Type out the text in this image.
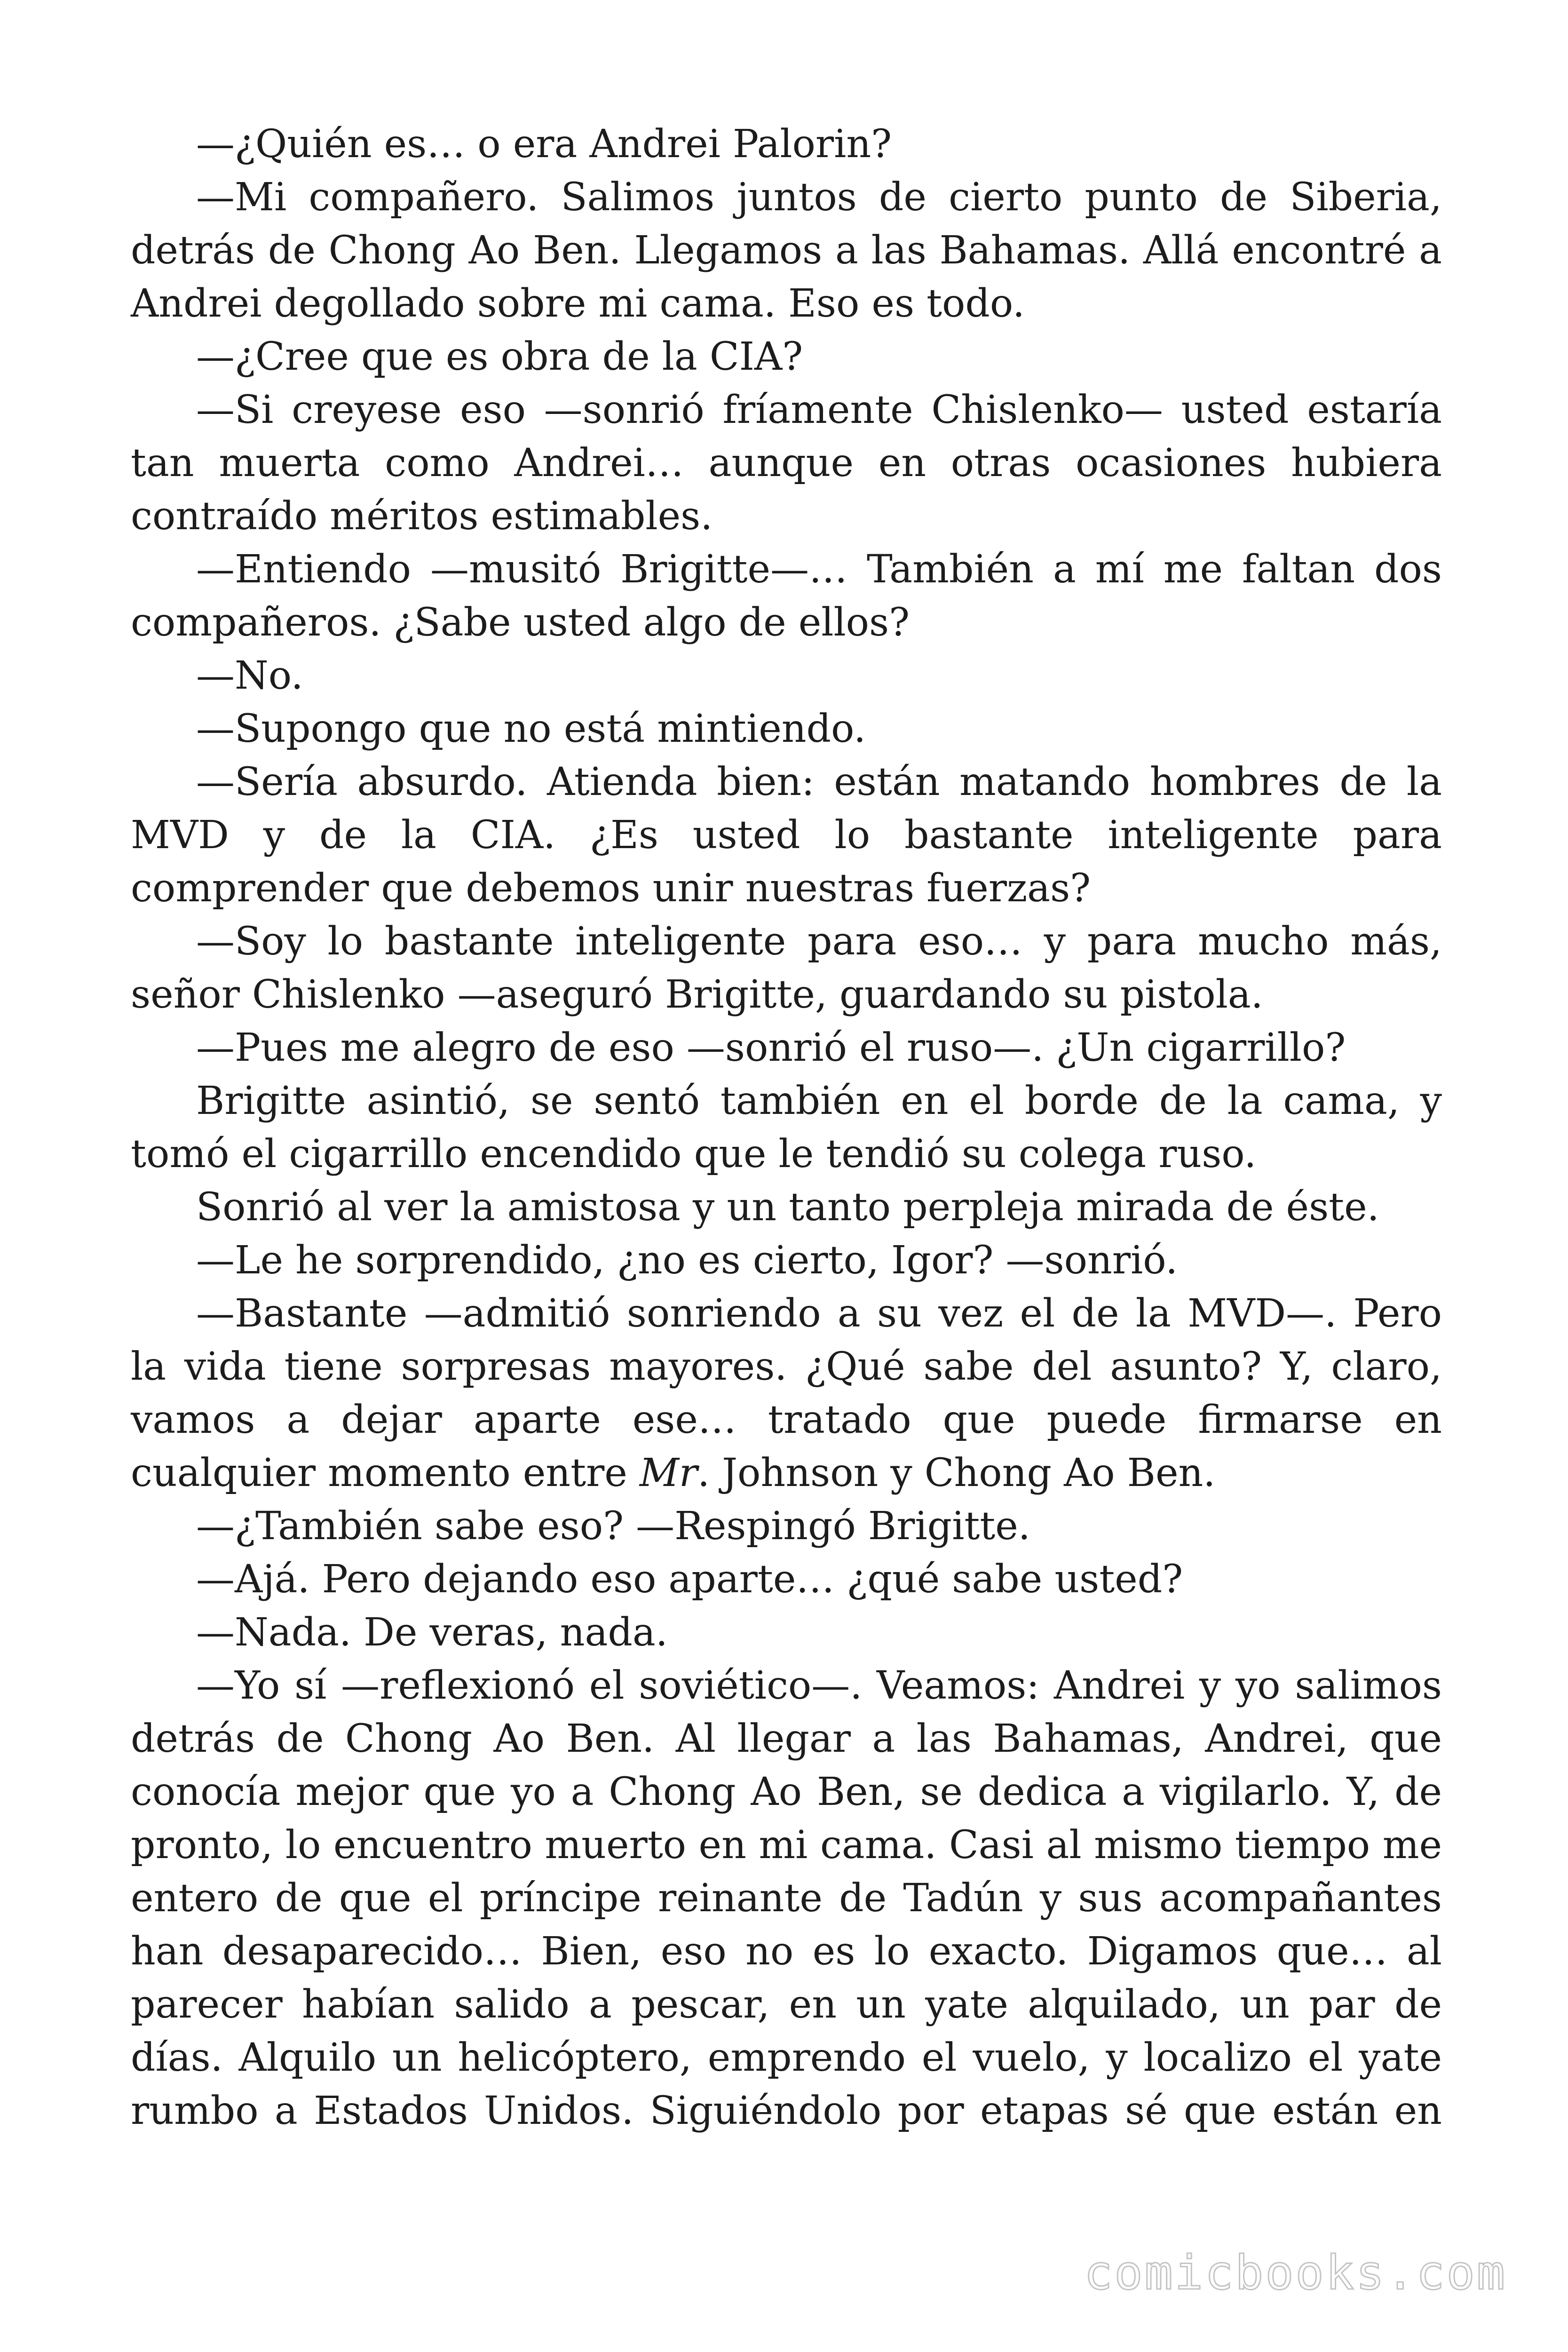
—¿Quién es… o era Andrei Palorin?

—Mi compañero. Salimos juntos de cierto punto de Siberia, detrás de Chong Ao Ben. Llegamos a las Bahamas. Allá encontré a Andrei degollado sobre mi cama. Eso es todo.

—¿Cree que es obra de la CIA?

—Si creyese eso —sonrió fríamente Chislenko— usted estaría tan muerta como Andrei… aunque en otras ocasiones hubiera contraído méritos estimables.

—Entiendo —musitó Brigitte—… También a mí me faltan dos compañeros. ¿Sabe usted algo de ellos?

—No.

—Supongo que no está mintiendo.

—Sería absurdo. Atienda bien: están matando hombres de la MVD y de la CIA. ¿Es usted lo bastante inteligente para comprender que debemos unir nuestras fuerzas?

—Soy lo bastante inteligente para eso… y para mucho más, señor Chislenko —aseguró Brigitte, guardando su pistola.

—Pues me alegro de eso —sonrió el ruso—. ¿Un cigarrillo?

Brigitte asintió, se sentó también en el borde de la cama, y tomó el cigarrillo encendido que le tendió su colega ruso.

Sonrió al ver la amistosa y un tanto perpleja mirada de éste.

—Le he sorprendido, ¿no es cierto, Igor? —sonrió.

—Bastante —admitió sonriendo a su vez el de la MVD—. Pero la vida tiene sorpresas mayores. ¿Qué sabe del asunto? Y, claro, vamos a dejar aparte ese… tratado que puede firmarse en cualquier momento entre Mr. Johnson y Chong Ao Ben.

—¿También sabe eso? —Respingó Brigitte.

—Ajá. Pero dejando eso aparte… ¿qué sabe usted?

—Nada. De veras, nada.

—Yo sí —reflexionó el soviético—. Veamos: Andrei y yo salimos detrás de Chong Ao Ben. Al llegar a las Bahamas, Andrei, que conocía mejor que yo a Chong Ao Ben, se dedica a vigilarlo. Y, de pronto, lo encuentro muerto en mi cama. Casi al mismo tiempo me entero de que el príncipe reinante de Tadún y sus acompañantes han desaparecido… Bien, eso no es lo exacto. Digamos que… al parecer habían salido a pescar, en un yate alquilado, un par de días. Alquilo un helicóptero, emprendo el vuelo, y localizo el yate rumbo a Estados Unidos. Siguiéndolo por etapas sé que están en

comicbooks.com
